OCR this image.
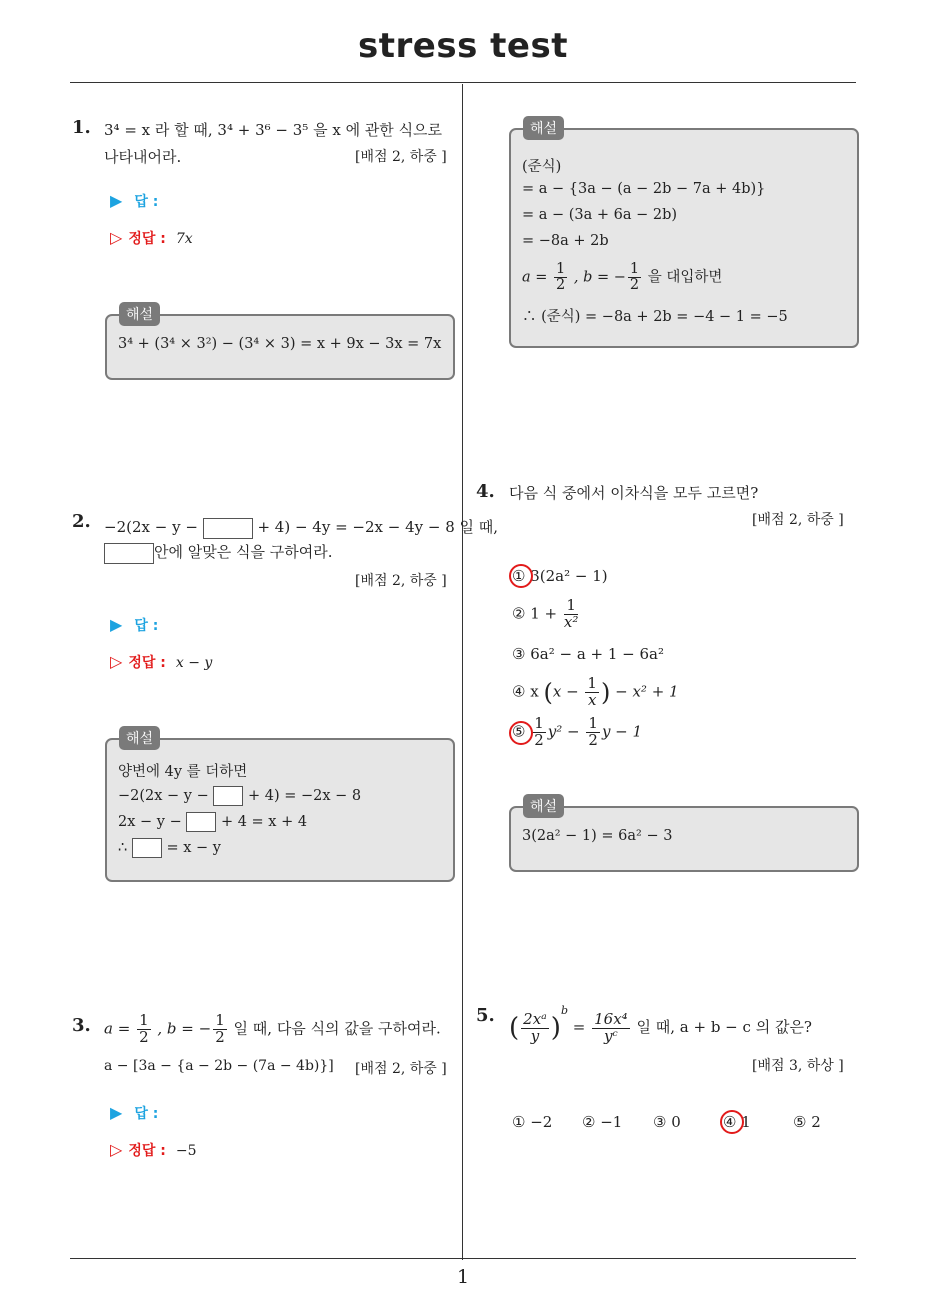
stress test
1
1. 3⁴ = x 라 할 때, 3⁴ + 3⁶ − 3⁵ 을 x 에 관한 식으로
나타내어라.	[배점 2, 하중 ]
▶ 답 :
▷ 정답 : 7x
해설
3⁴ + (3⁴ × 3²) − (3⁴ × 3) = x + 9x − 3x = 7x
2. −2(2x − y −	+ 4) − 4y = −2x − 4y − 8 일 때,
안에 알맞은 식을 구하여라.
[배점 2, 하중 ]
▶ 답 :
▷ 정답 : x − y
해설
양변에 4y 를 더하면
−2(2x − y −	+ 4) = −2x − 8
2x − y −	+ 4 = x + 4
∴	= x − y
3. $a = \frac{1}{2}$ , b = − $\frac{1}{2}$ 일 때, 다음 식의 값을 구하여라.
a − [3a − {a − 2b − (7a − 4b)}] [배점 2, 하중 ]
▶ 답 :
▷ 정답 : −5
해설
(준식)
= a − {3a − (a − 2b − 7a + 4b)}
= a − (3a + 6a − 2b)
= −8a + 2b
$a = \frac{1}{2}$ , b = − $\frac{1}{2}$ 을 대입하면
∴ (준식) = −8a + 2b = −4 − 1 = −5
4. 다음 식 중에서 이차식을 모두 고르면?
[배점 2, 하중 ]
① 3(2a² − 1)
② $1 + \frac{1}{\text{x²}}$
③ 6a² − a + 1 − 6a²
④ x ($x - \frac{1}{x}$ ) − x² + 1
⑤ $\frac{1}{2} y^2 - \frac{1}{2}$ y − 1
해설
3(2a² − 1) = 6a² − 3
5. ( $\frac{\text{2xᵃ}}{y} )^b = \frac{\text{16x⁴}}{\text{yᶜ}}$ 일 때, a + b − c 의 값은?
[배점 3, 하상 ]
① −2 ② −1 ③ 0	④ 1	⑤ 2
